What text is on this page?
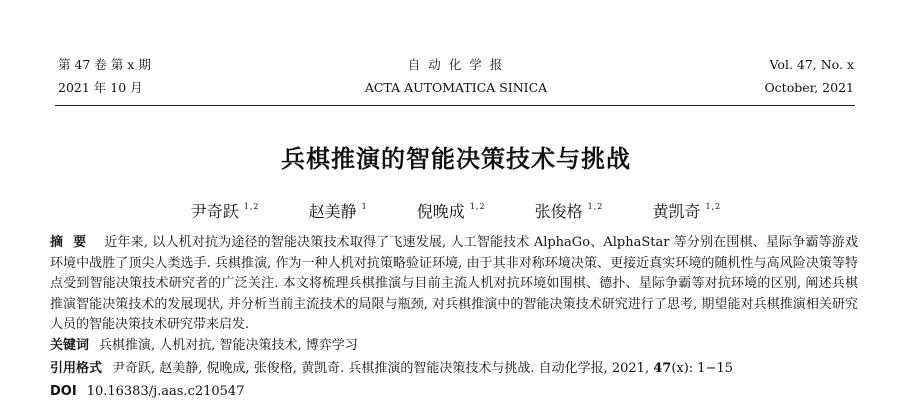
第 47 卷 第 x 期
2021 年 10 月
自 动 化 学 报
ACTA AUTOMATICA SINICA
Vol. 47, No. x
October, 2021
兵棋推演的智能决策技术与挑战
尹奇跃 $^{1,2}$	赵美静 $^1$	倪晚成 $^{1,2}$	张俊格 $^{1,2}$	黄凯奇 $^{1,2}$
摘要 近年来, 以人机对抗为途径的智能决策技术取得了飞速发展, 人工智能技术 AlphaGo、AlphaStar 等分别在围棋、星际争霸等游戏环境中战胜了顶尖人类选手. 兵棋推演, 作为一种人机对抗策略验证环境, 由于其非对称环境决策、更接近真实环境的随机性与高风险决策等特点受到智能决策技术研究者的广泛关注. 本文将梳理兵棋推演与目前主流人机对抗环境如围棋、德扑、星际争霸等对抗环境的区别, 阐述兵棋推演智能决策技术的发展现状, 并分析当前主流技术的局限与瓶颈, 对兵棋推演中的智能决策技术研究进行了思考, 期望能对兵棋推演相关研究人员的智能决策技术研究带来启发.
关键词 兵棋推演, 人机对抗, 智能决策技术, 博弈学习
引用格式 尹奇跃, 赵美静, 倪晚成, 张俊格, 黄凯奇. 兵棋推演的智能决策技术与挑战. 自动化学报, 2021, 47(x): 1−15
DOI 10.16383/j.aas.c210547
